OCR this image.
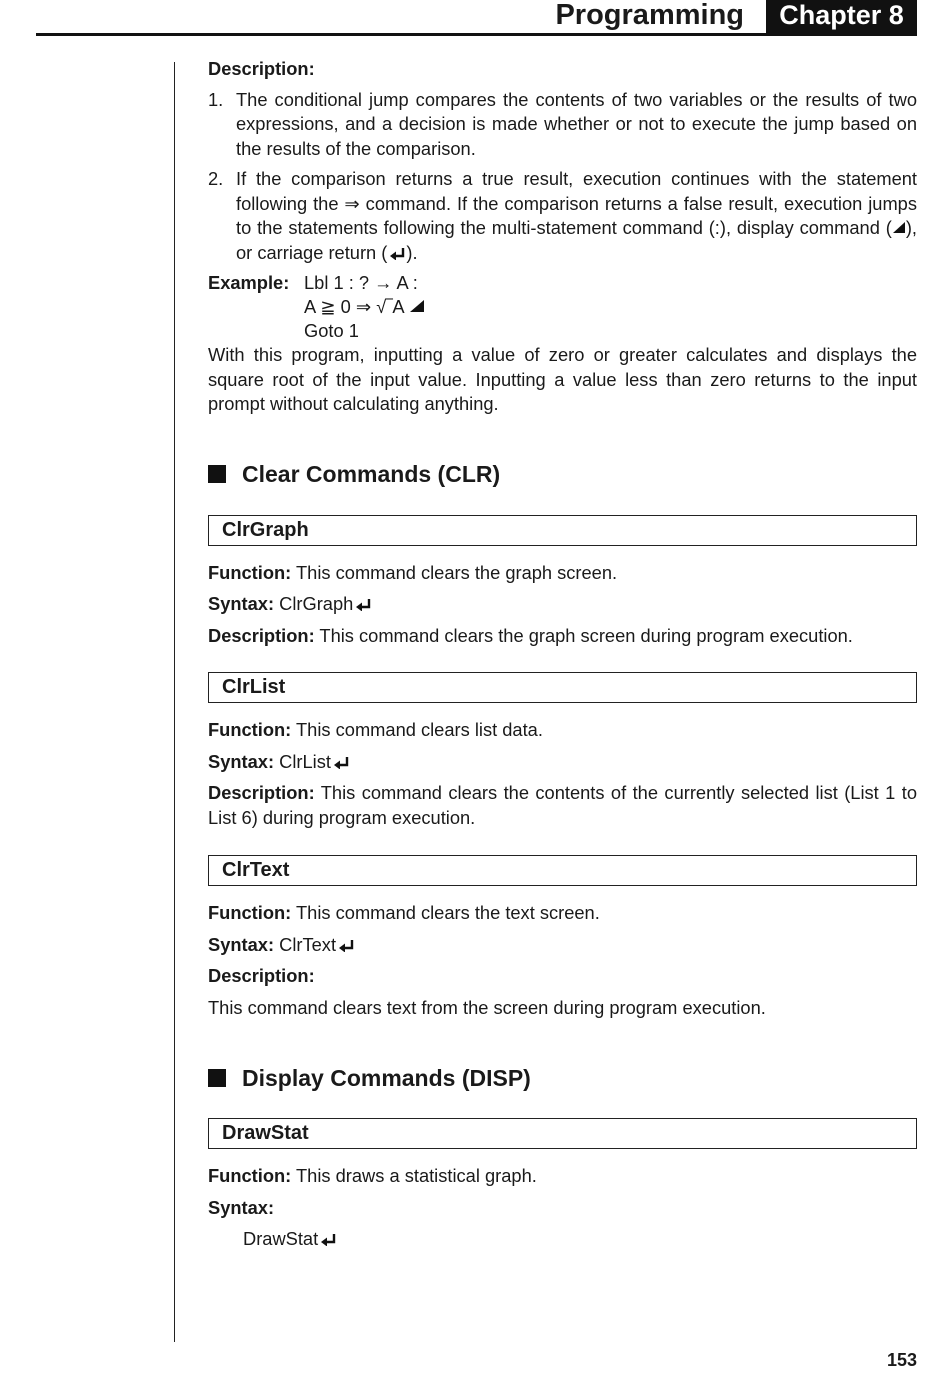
Programming	Chapter 8

Description:

1. The conditional jump compares the contents of two variables or the results of two expressions, and a decision is made whether or not to execute the jump based on the results of the comparison.
2. If the comparison returns a true result, execution continues with the statement following the ⇒ command. If the comparison returns a false result, execution jumps to the statements following the multi-statement command (:), display command ( ), or carriage return ( ).
Example: Lbl 1 : ? → A :
A ≧ 0 ⇒ √‾A
Goto 1

With this program, inputting a value of zero or greater calculates and displays the square root of the input value. Inputting a value less than zero returns to the input prompt without calculating anything.

Clear Commands (CLR)
ClrGraph

Function: This command clears the graph screen.

Syntax: ClrGraph

Description: This command clears the graph screen during program execution.

ClrList

Function: This command clears list data.

Syntax: ClrList

Description: This command clears the contents of the currently selected list (List 1 to List 6) during program execution.

ClrText

Function: This command clears the text screen.

Syntax: ClrText

Description:

This command clears text from the screen during program execution.

Display Commands (DISP)
DrawStat

Function: This draws a statistical graph.

Syntax:

DrawStat

153
